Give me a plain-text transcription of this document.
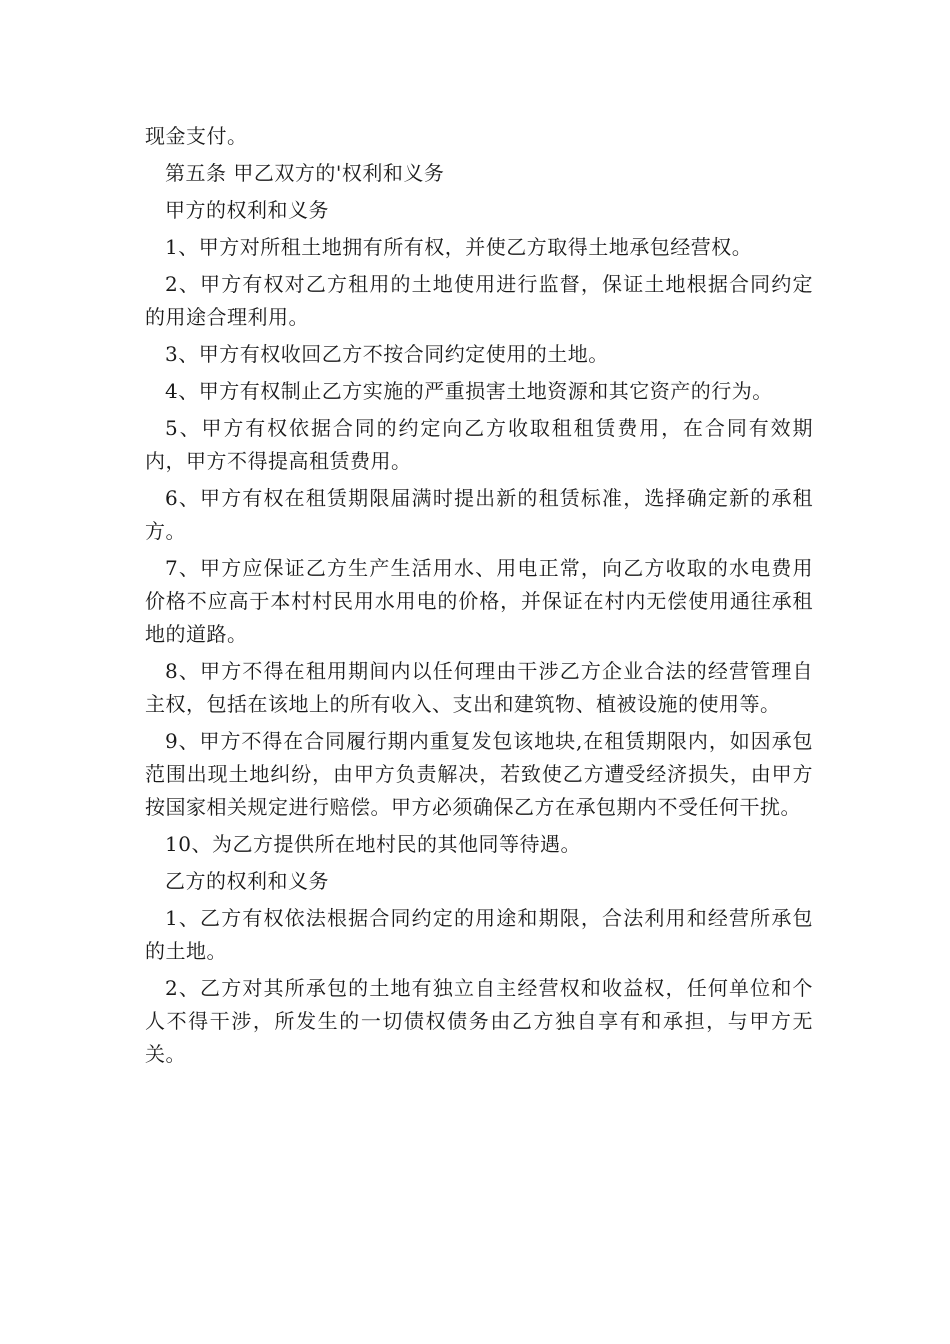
现金支付。

第五条 甲乙双方的'权利和义务

甲方的权利和义务

1、甲方对所租土地拥有所有权，并使乙方取得土地承包经营权。

2、甲方有权对乙方租用的土地使用进行监督，保证土地根据合同约定的用途合理利用。

3、甲方有权收回乙方不按合同约定使用的土地。

4、甲方有权制止乙方实施的严重损害土地资源和其它资产的行为。

5、甲方有权依据合同的约定向乙方收取租租赁费用，在合同有效期内，甲方不得提高租赁费用。

6、甲方有权在租赁期限届满时提出新的租赁标准，选择确定新的承租方。

7、甲方应保证乙方生产生活用水、用电正常，向乙方收取的水电费用价格不应高于本村村民用水用电的价格，并保证在村内无偿使用通往承租地的道路。

8、甲方不得在租用期间内以任何理由干涉乙方企业合法的经营管理自主权，包括在该地上的所有收入、支出和建筑物、植被设施的使用等。

9、甲方不得在合同履行期内重复发包该地块,在租赁期限内，如因承包范围出现土地纠纷，由甲方负责解决，若致使乙方遭受经济损失，由甲方按国家相关规定进行赔偿。甲方必须确保乙方在承包期内不受任何干扰。

10、为乙方提供所在地村民的其他同等待遇。

乙方的权利和义务

1、乙方有权依法根据合同约定的用途和期限，合法利用和经营所承包的土地。

2、乙方对其所承包的土地有独立自主经营权和收益权，任何单位和个人不得干涉，所发生的一切债权债务由乙方独自享有和承担，与甲方无关。
